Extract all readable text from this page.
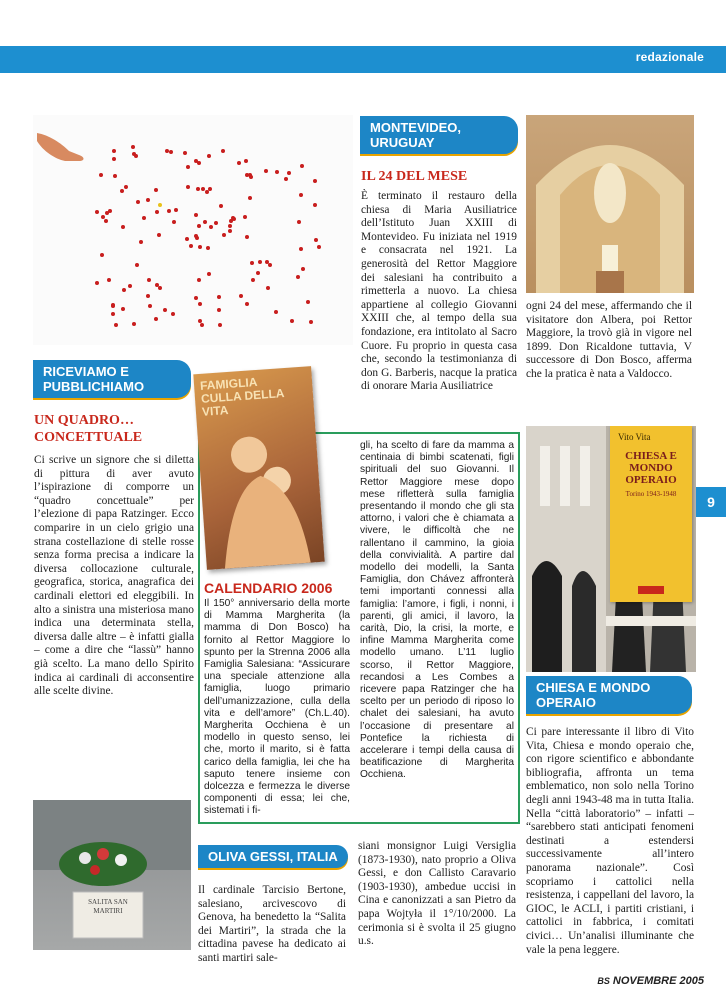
redazionale
9
MONTEVIDEO, URUGUAY
IL 24 DEL MESE
È terminato il restauro della chiesa di Maria Ausiliatrice dell’Istituto Juan XXIII di Montevideo. Fu iniziata nel 1919 e consacrata nel 1921. La generosità del Rettor Maggiore dei salesiani ha contribuito a rimetterla a nuovo. La chiesa appartiene al collegio Giovanni XXIII che, al tempo della sua fondazione, era intitolato al Sacro Cuore. Fu proprio in questa casa che, secondo la testimonianza di don G. Barberis, nacque la pratica di onorare Maria Ausiliatrice
ogni 24 del mese, affermando che il visitatore don Albera, poi Rettor Maggiore, la trovò già in vigore nel 1899. Don Ricaldone tuttavia, V successore di Don Bosco, afferma che la pratica è nata a Valdocco.
RICEVIAMO E PUBBLICHIAMO
UN QUADRO… CONCETTUALE
Ci scrive un signore che si diletta di pittura di aver avuto l’ispirazione di comporre un “quadro concettuale” per l’elezione di papa Ratzinger. Ecco comparire in un cielo grigio una strana costellazione di stelle rosse senza forma precisa a indicare la diversa collocazione culturale, geografica, storica, anagrafica dei cardinali elettori ed eleggibili. In alto a sinistra una misteriosa mano indica una determinata stella, diversa dalle altre – è infatti gialla – come a dire che “lassù” hanno già scelto. La mano dello Spirito indica ai cardinali di acconsentire alle scelte divine.
FAMIGLIA CULLA DELLA VITA
CALENDARIO 2006
Il 150° anniversario della morte di Mamma Margherita (la mamma di Don Bosco) ha fornito al Rettor Maggiore lo spunto per la Strenna 2006 alla Famiglia Salesiana: “Assicurare una speciale attenzione alla famiglia, luogo primario dell’umanizzazione, culla della vita e dell’amore” (Ch.L.40). Margherita Occhiena è un modello in questo senso, lei che, morto il marito, si è fatta carico della famiglia, lei che ha saputo tenere insieme con dolcezza e fermezza le diverse componenti di essa; lei che, sistemati i fi-
gli, ha scelto di fare da mamma a centinaia di bimbi scatenati, figli spirituali del suo Giovanni. Il Rettor Maggiore mese dopo mese rifletterà sulla famiglia presentando il mondo che gli sta attorno, i valori che è chiamata a vivere, le difficoltà che ne rallentano il cammino, la gioia della convivialità. A partire dal modello dei modelli, la Santa Famiglia, don Chávez affronterà temi importanti connessi alla famiglia: l’amore, i figli, i nonni, i parenti, gli amici, il lavoro, la carità, Dio, la crisi, la morte, e infine Mamma Margherita come modello umano. L’11 luglio scorso, il Rettor Maggiore, recandosi a Les Combes a ricevere papa Ratzinger che ha scelto per un periodo di riposo lo chalet dei salesiani, ha avuto l’occasione di presentare al Pontefice la richiesta di accelerare i tempi della causa di beatificazione di Margherita Occhiena.
Vito Vita
CHIESA E MONDO OPERAIO
Torino 1943-1948
CHIESA E MONDO OPERAIO
Ci pare interessante il libro di Vito Vita, Chiesa e mondo operaio che, con rigore scientifico e abbondante bibliografia, affronta un tema emblematico, non solo nella Torino degli anni 1943-48 ma in tutta Italia. Nella “città laboratorio” – infatti – “sarebbero stati anticipati fenomeni destinati a estendersi successivamente all’intero panorama nazionale”. Così scopriamo i cattolici nella resistenza, i cappellani del lavoro, la GIOC, le ACLI, i partiti cristiani, i cattolici in fabbrica, i comitati civici… Un’analisi illuminante che vale la pena leggere.
SALITA SAN MARTIRI
OLIVA GESSI, ITALIA
Il cardinale Tarcisio Bertone, salesiano, arcivescovo di Genova, ha benedetto la “Salita dei Martiri”, la strada che la cittadina pavese ha dedicato ai santi martiri sale-
siani monsignor Luigi Versiglia (1873-1930), nato proprio a Oliva Gessi, e don Callisto Caravario (1903-1930), ambedue uccisi in Cina e canonizzati a san Pietro da papa Wojtyła il 1°/10/2000. La cerimonia si è svolta il 25 giugno u.s.
BS NOVEMBRE 2005
